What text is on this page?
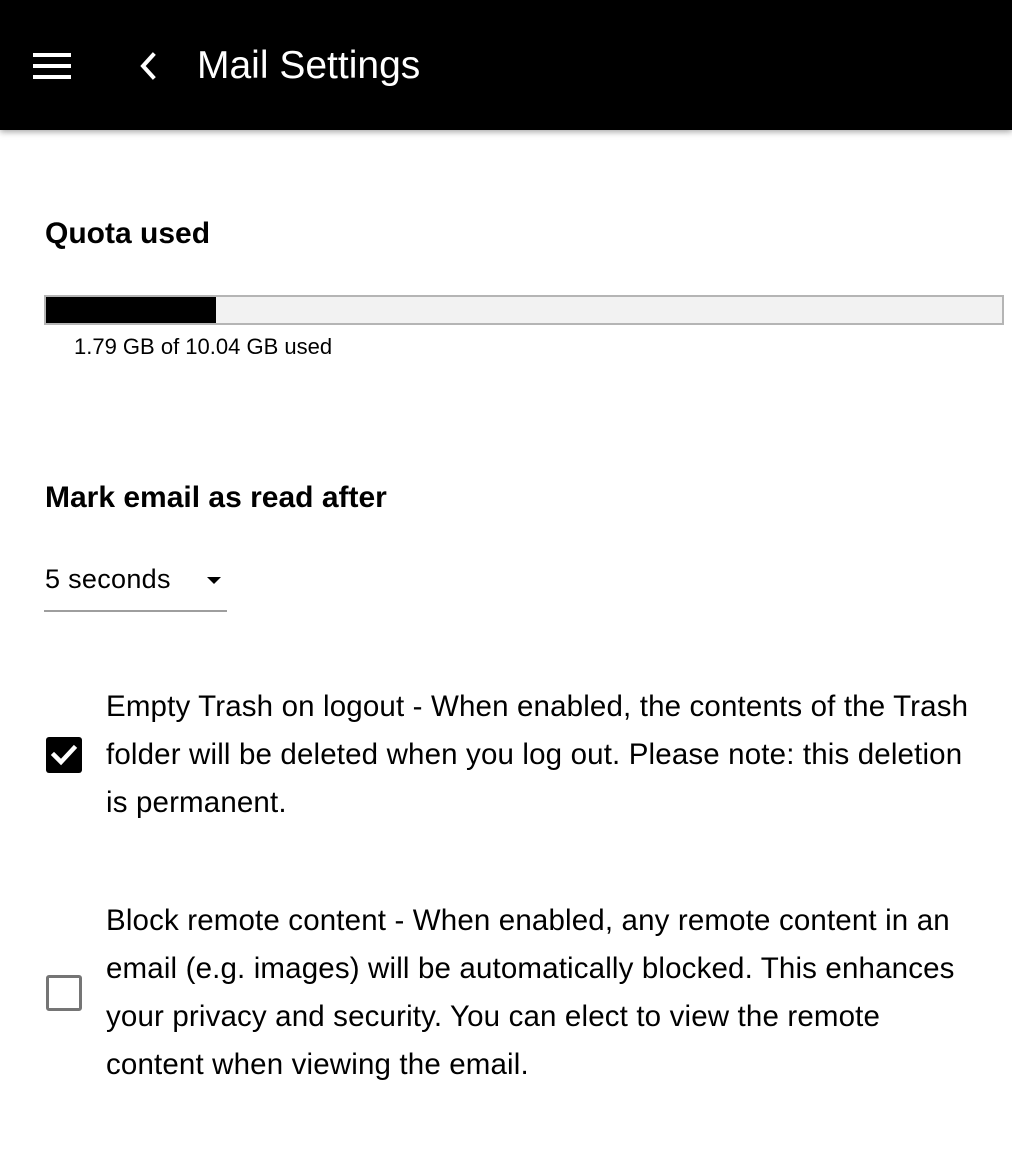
Mail Settings
Quota used
1.79 GB of 10.04 GB used
Mark email as read after
5 seconds
Empty Trash on logout - When enabled, the contents of the Trash folder will be deleted when you log out. Please note: this deletion is permanent.
Block remote content - When enabled, any remote content in an email (e.g. images) will be automatically blocked. This enhances your privacy and security. You can elect to view the remote content when viewing the email.
